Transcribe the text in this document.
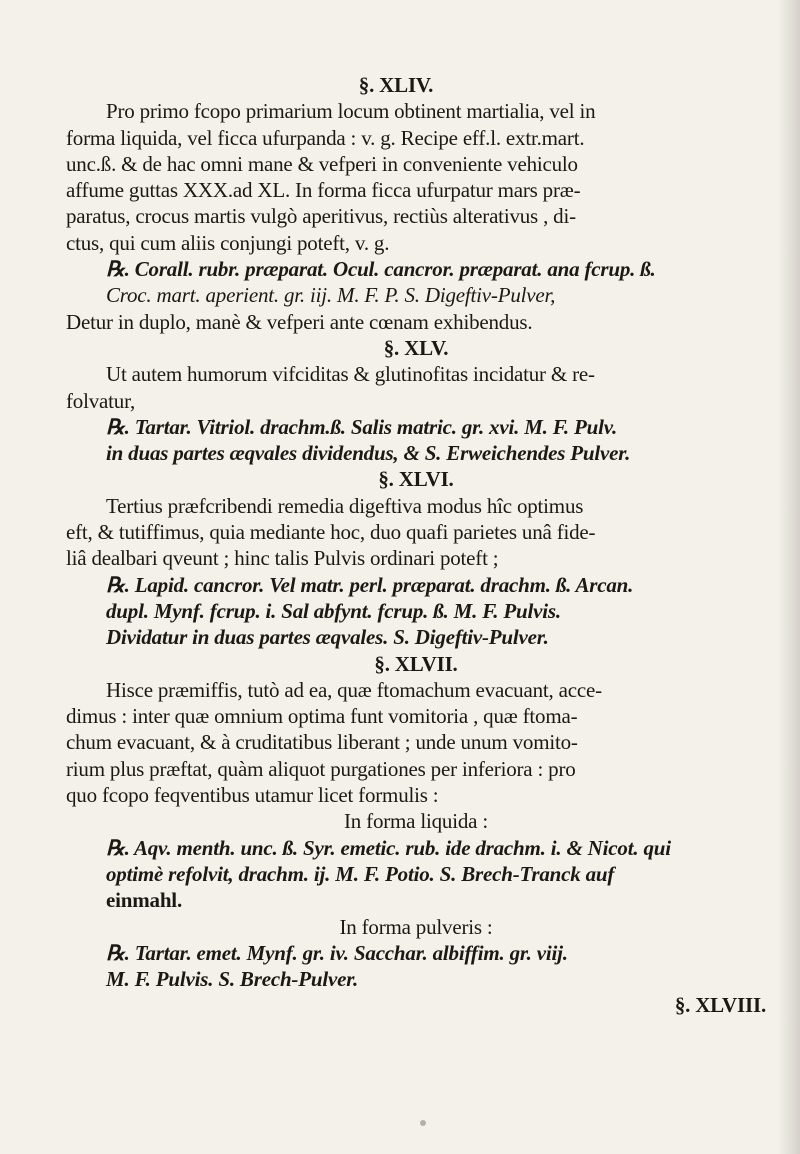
§. XLIV.
Pro primo fcopo primarium locum obtinent martialia, vel in
forma liquida, vel ficca ufurpanda : v. g. Recipe eff.l. extr.mart.
unc.ß. & de hac omni mane & vefperi in conveniente vehiculo
affume guttas XXX.ad XL. In forma ficca ufurpatur mars præ-
paratus, crocus martis vulgò aperitivus, rectiùs alterativus , di-
ctus, qui cum aliis conjungi poteft, v. g.
℞. Corall. rubr. præparat. Ocul. cancror. præparat. ana fcrup. ß.
Croc. mart. aperient. gr. iij. M. F. P. S. Digeftiv-Pulver,
Detur in duplo, manè & vefperi ante cœnam exhibendus.
§. XLV.
Ut autem humorum vifciditas & glutinofitas incidatur & re-
folvatur,
℞. Tartar. Vitriol. drachm.ß. Salis matric. gr. xvi. M. F. Pulv.
in duas partes æqvales dividendus, & S. Erweichendes Pulver.
§. XLVI.
Tertius præfcribendi remedia digeftiva modus hîc optimus
eft, & tutiffimus, quia mediante hoc, duo quafi parietes unâ fide-
liâ dealbari qveunt ; hinc talis Pulvis ordinari poteft ;
℞. Lapid. cancror. Vel matr. perl. præparat. drachm. ß. Arcan.
dupl. Mynf. fcrup. i. Sal abfynt. fcrup. ß. M. F. Pulvis.
Dividatur in duas partes æqvales. S. Digeftiv-Pulver.
§. XLVII.
Hisce præmiffis, tutò ad ea, quæ ftomachum evacuant, acce-
dimus : inter quæ omnium optima funt vomitoria , quæ ftoma-
chum evacuant, & à cruditatibus liberant ; unde unum vomito-
rium plus præftat, quàm aliquot purgationes per inferiora : pro
quo fcopo feqventibus utamur licet formulis :
In forma liquida :
℞. Aqv. menth. unc. ß. Syr. emetic. rub. ide drachm. i. & Nicot. qui
optimè refolvit, drachm. ij. M. F. Potio. S. Brech-Tranck auf
einmahl.
In forma pulveris :
℞. Tartar. emet. Mynf. gr. iv. Sacchar. albiffim. gr. viij.
M. F. Pulvis. S. Brech-Pulver.
§. XLVIII.
